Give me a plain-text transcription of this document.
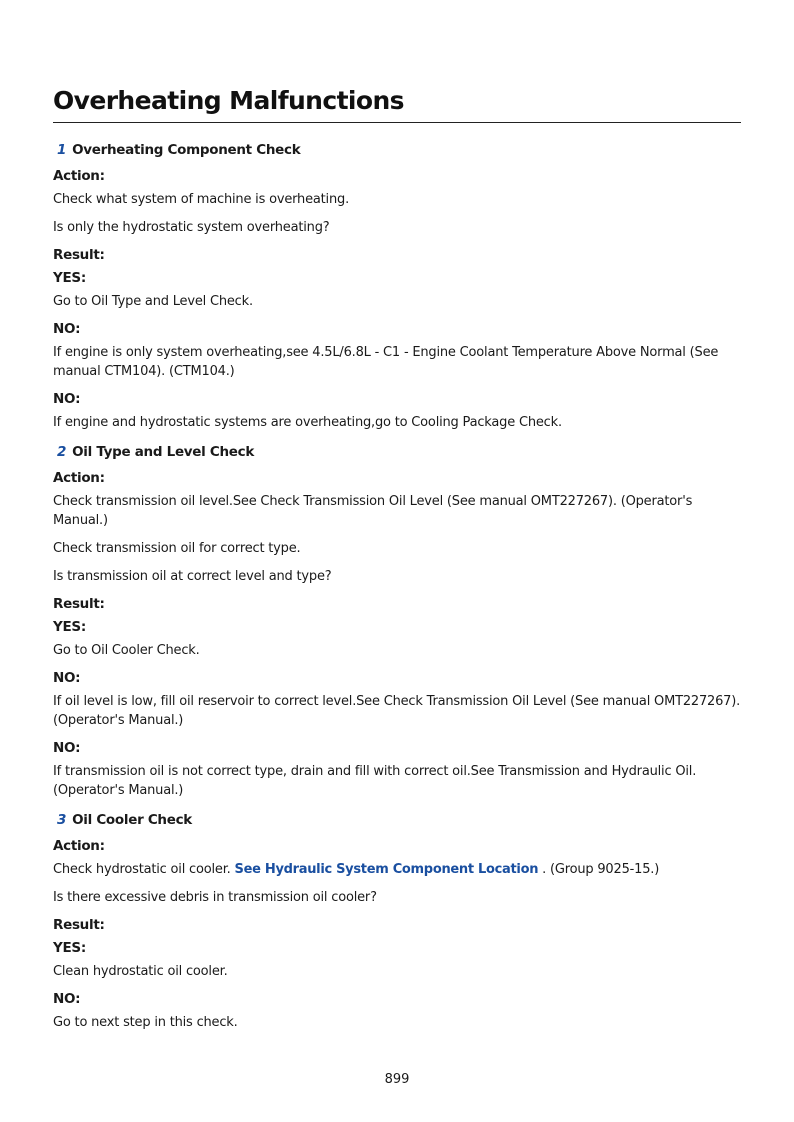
Overheating Malfunctions
1 Overheating Component Check
Action:
Check what system of machine is overheating.
Is only the hydrostatic system overheating?
Result:
YES:
Go to Oil Type and Level Check.
NO:
If engine is only system overheating,see 4.5L/6.8L - C1 - Engine Coolant Temperature Above Normal (See manual CTM104). (CTM104.)
NO:
If engine and hydrostatic systems are overheating,go to Cooling Package Check.
2 Oil Type and Level Check
Action:
Check transmission oil level.See Check Transmission Oil Level (See manual OMT227267). (Operator's Manual.)
Check transmission oil for correct type.
Is transmission oil at correct level and type?
Result:
YES:
Go to Oil Cooler Check.
NO:
If oil level is low, fill oil reservoir to correct level.See Check Transmission Oil Level (See manual OMT227267). (Operator's Manual.)
NO:
If transmission oil is not correct type, drain and fill with correct oil.See Transmission and Hydraulic Oil. (Operator's Manual.)
3 Oil Cooler Check
Action:
Check hydrostatic oil cooler. See Hydraulic System Component Location . (Group 9025-15.)
Is there excessive debris in transmission oil cooler?
Result:
YES:
Clean hydrostatic oil cooler.
NO:
Go to next step in this check.
899
